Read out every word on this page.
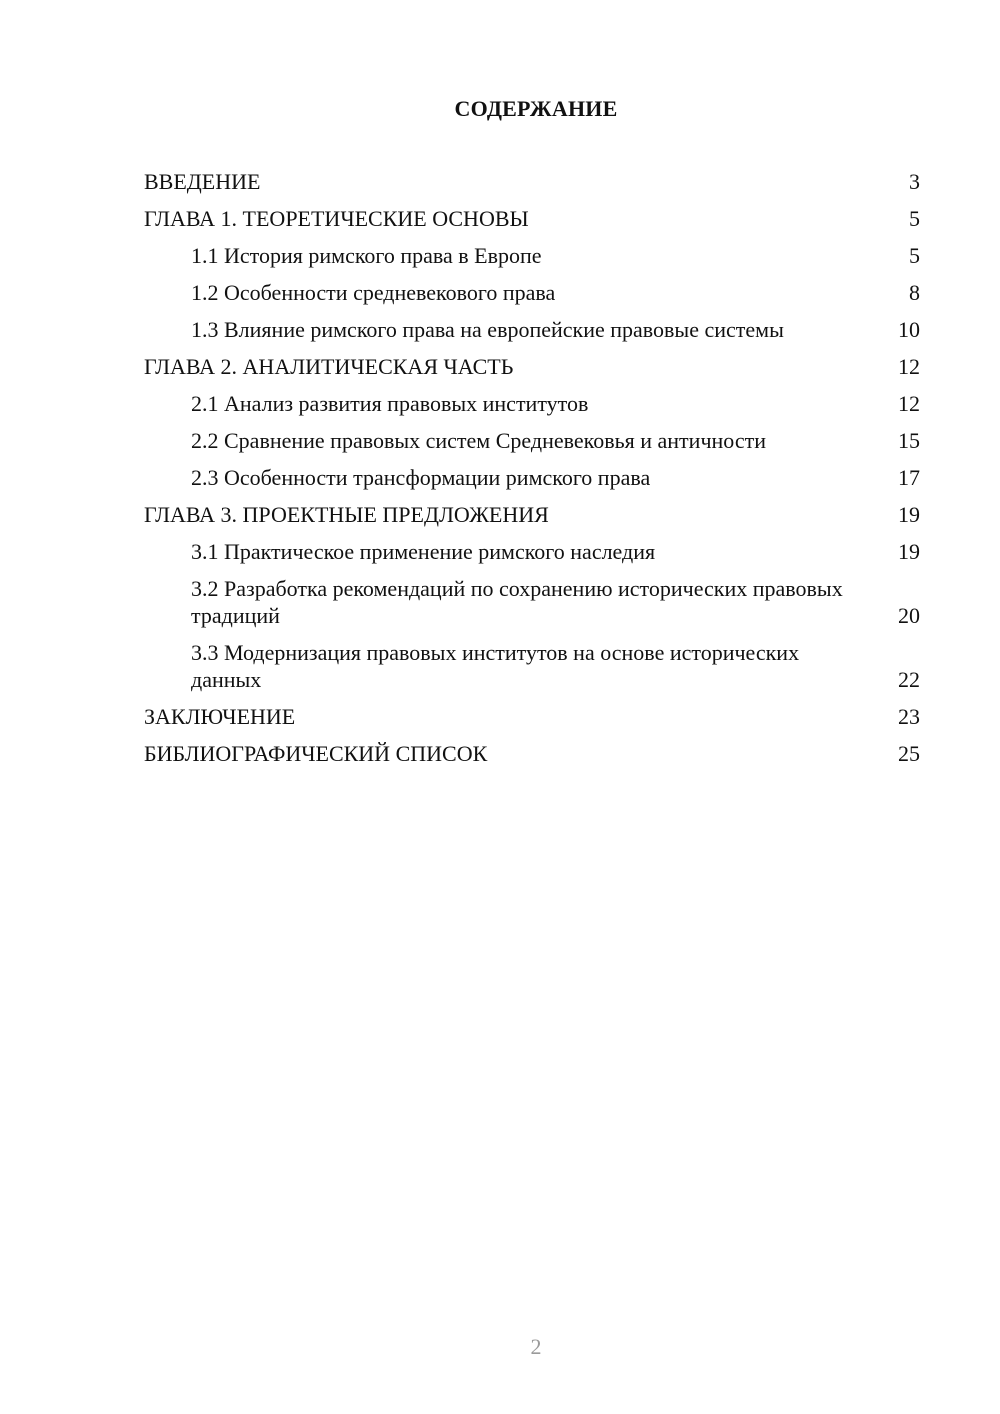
СОДЕРЖАНИЕ
ВВЕДЕНИЕ	3
ГЛАВА 1. ТЕОРЕТИЧЕСКИЕ ОСНОВЫ	5
1.1 История римского права в Европе	5
1.2 Особенности средневекового права	8
1.3 Влияние римского права на европейские правовые системы	10
ГЛАВА 2. АНАЛИТИЧЕСКАЯ ЧАСТЬ	12
2.1 Анализ развития правовых институтов	12
2.2 Сравнение правовых систем Средневековья и античности	15
2.3 Особенности трансформации римского права	17
ГЛАВА 3. ПРОЕКТНЫЕ ПРЕДЛОЖЕНИЯ	19
3.1 Практическое применение римского наследия	19
3.2 Разработка рекомендаций по сохранению исторических правовых традиций	20
3.3 Модернизация правовых институтов на основе исторических данных	22
ЗАКЛЮЧЕНИЕ	23
БИБЛИОГРАФИЧЕСКИЙ СПИСОК	25
2
